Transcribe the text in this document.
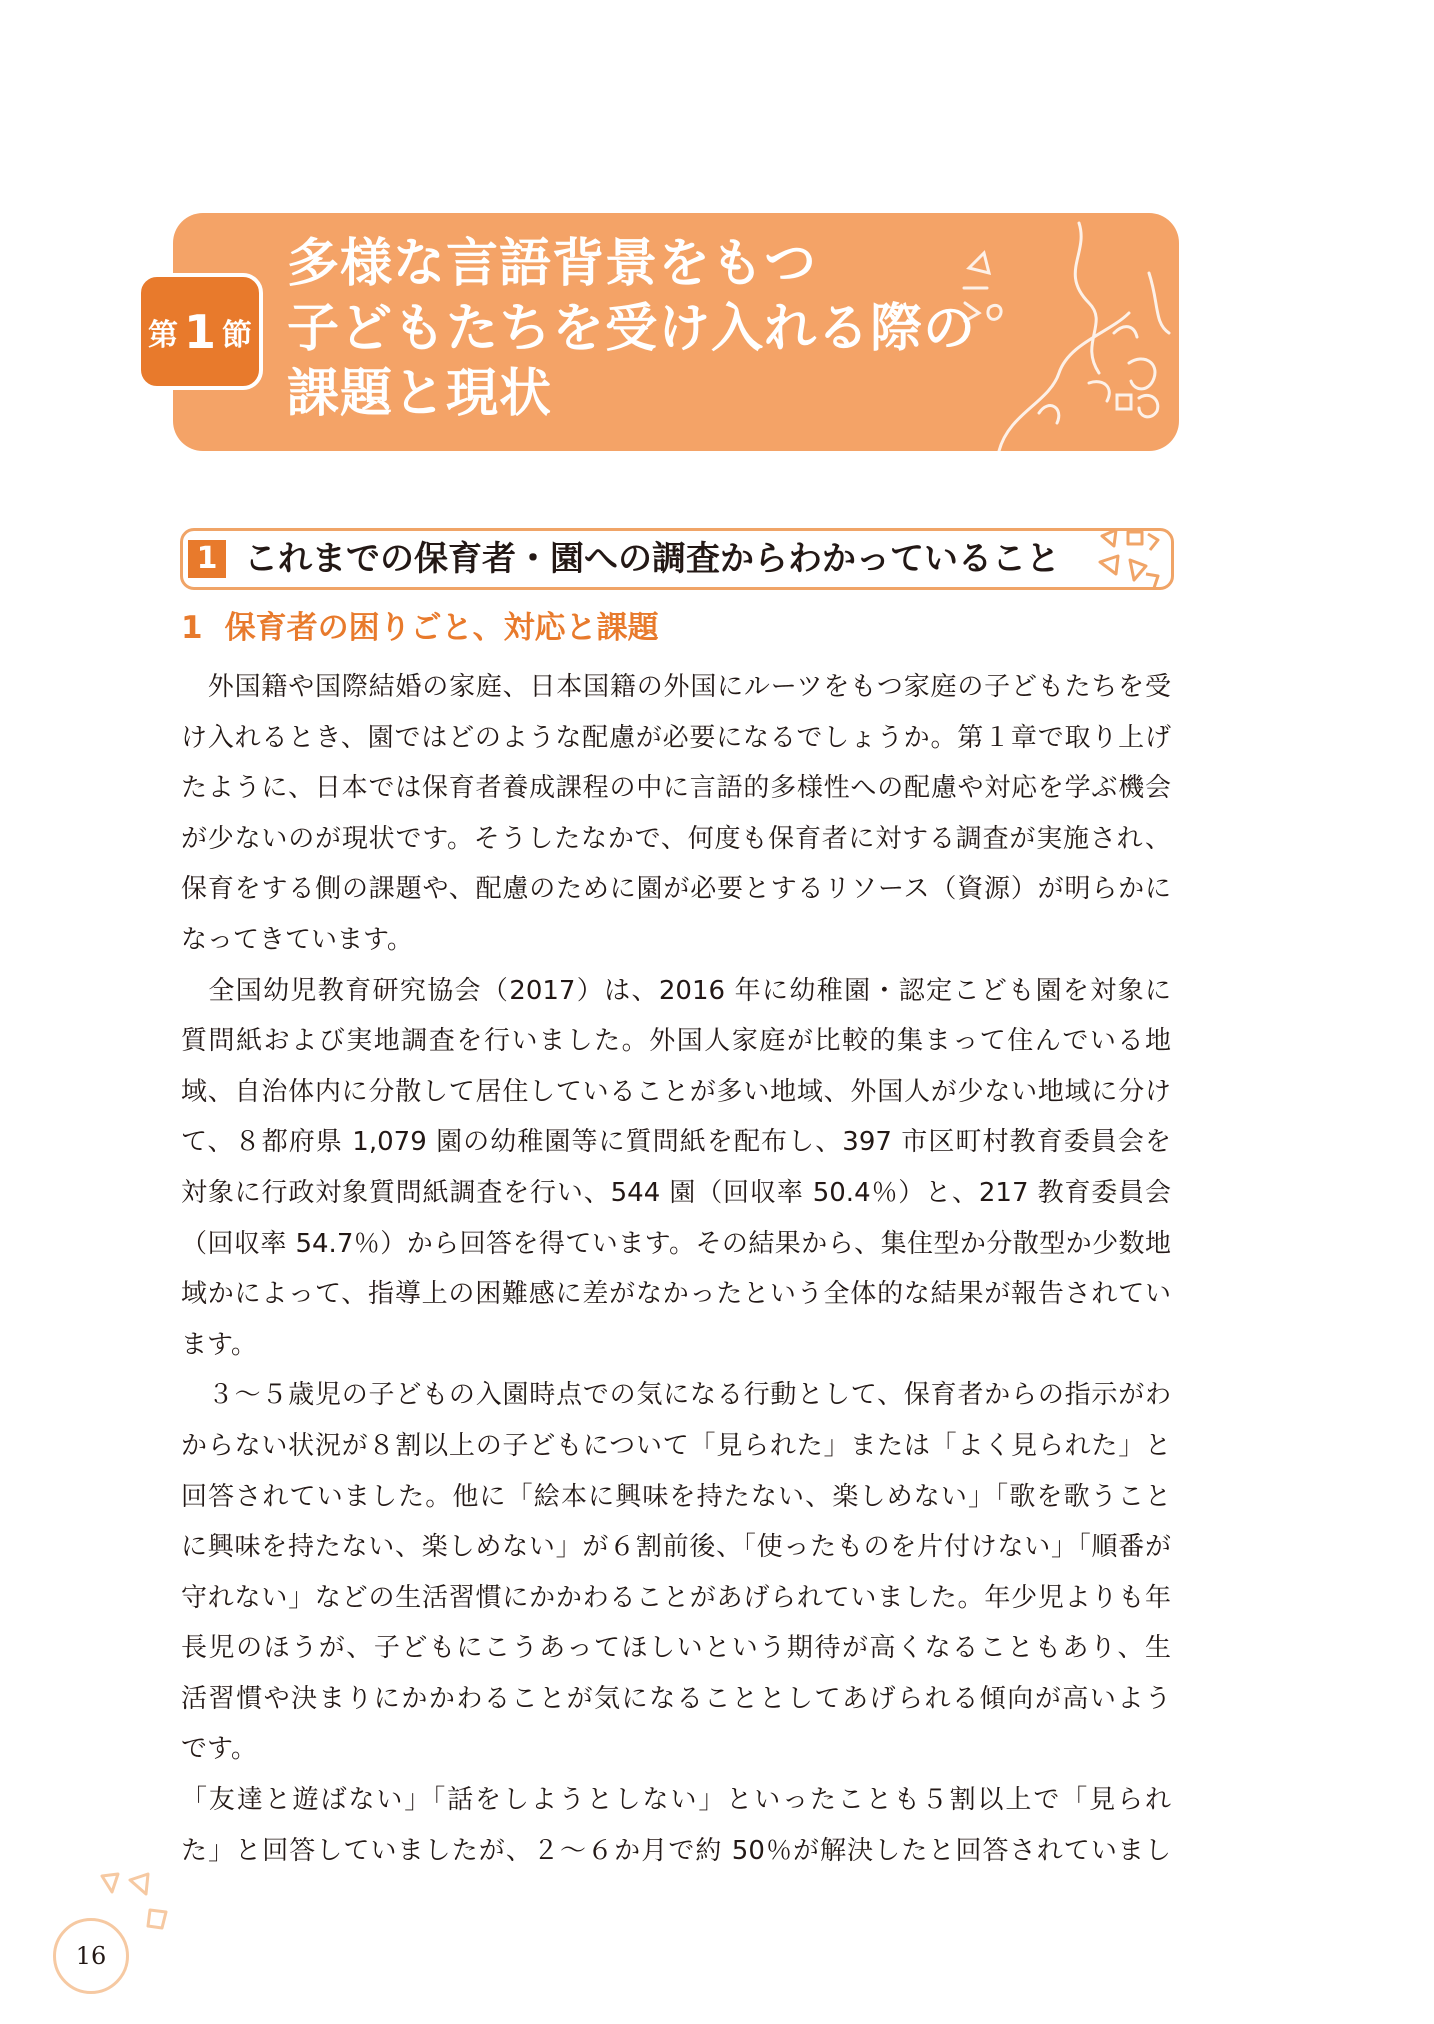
第 1 節
多様な言語背景をもつ
子どもたちを受け入れる際の
課題と現状
1 これまでの保育者・園への調査からわかっていること
1 保育者の困りごと、対応と課題
　外国籍や国際結婚の家庭、日本国籍の外国にルーツをもつ家庭の子どもたちを受
け入れるとき、園ではどのような配慮が必要になるでしょうか。第１章で取り上げ
たように、日本では保育者養成課程の中に言語的多様性への配慮や対応を学ぶ機会
が少ないのが現状です。そうしたなかで、何度も保育者に対する調査が実施され、
保育をする側の課題や、配慮のために園が必要とするリソース（資源）が明らかに
なってきています。
　全国幼児教育研究協会（2017）は、2016 年に幼稚園・認定こども園を対象に
質問紙および実地調査を行いました。外国人家庭が比較的集まって住んでいる地
域、自治体内に分散して居住していることが多い地域、外国人が少ない地域に分け
て、８都府県 1,079 園の幼稚園等に質問紙を配布し、397 市区町村教育委員会を
対象に行政対象質問紙調査を行い、544 園（回収率 50.4％）と、217 教育委員会
（回収率 54.7％）から回答を得ています。その結果から、集住型か分散型か少数地
域かによって、指導上の困難感に差がなかったという全体的な結果が報告されてい
ます。
　３～５歳児の子どもの入園時点での気になる行動として、保育者からの指示がわ
からない状況が８割以上の子どもについて「見られた」または「よく見られた」と
回答されていました。他に「絵本に興味を持たない、楽しめない」「歌を歌うこと
に興味を持たない、楽しめない」が６割前後、「使ったものを片付けない」「順番が
守れない」などの生活習慣にかかわることがあげられていました。年少児よりも年
長児のほうが、子どもにこうあってほしいという期待が高くなることもあり、生
活習慣や決まりにかかわることが気になることとしてあげられる傾向が高いよう
です。
「友達と遊ばない」「話をしようとしない」といったことも５割以上で「見られ
た」と回答していましたが、２～６か月で約 50％が解決したと回答されていまし
16
